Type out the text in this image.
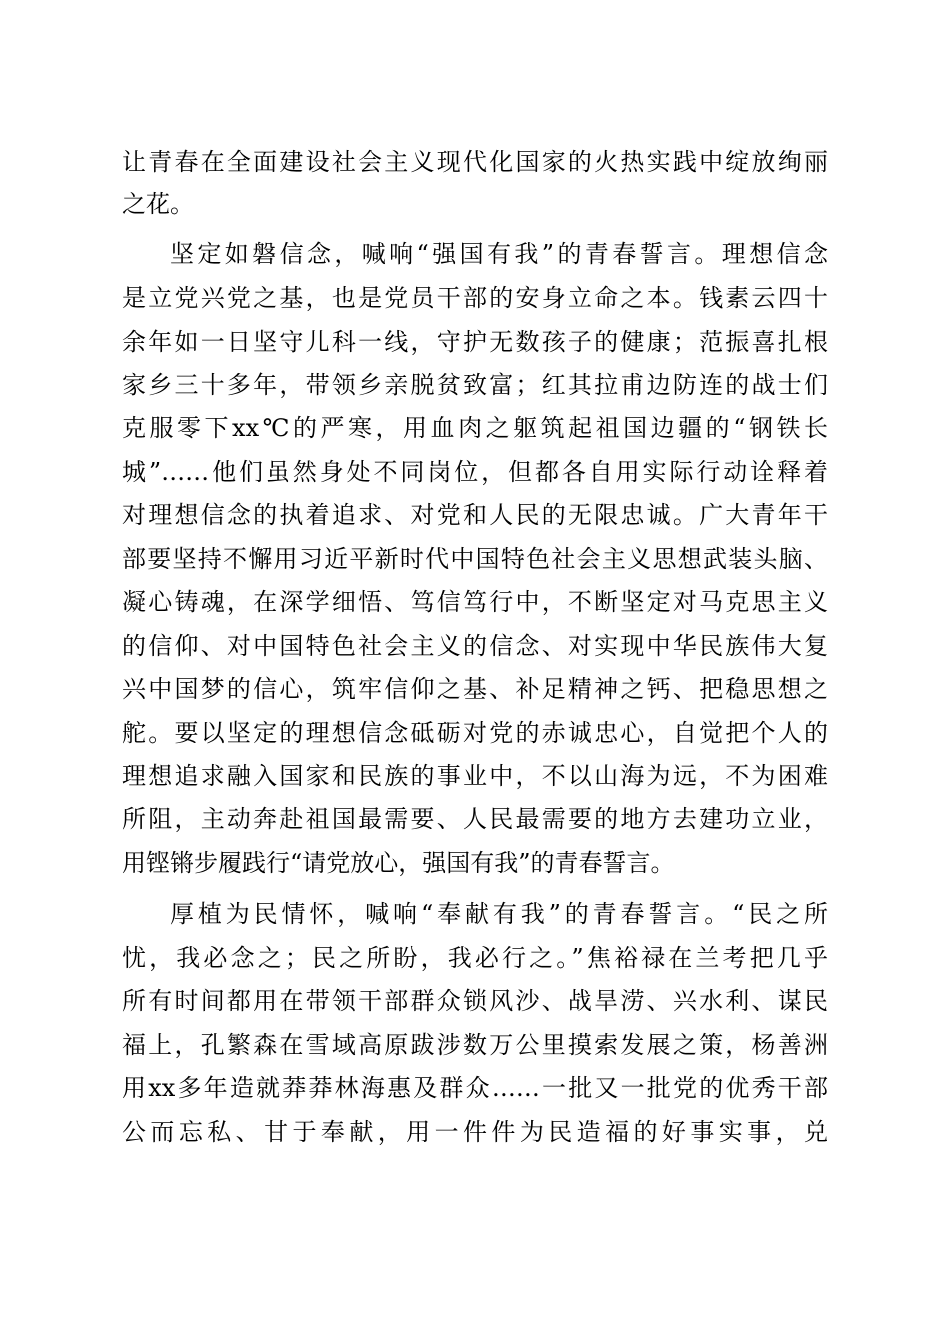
让青春在全面建设社会主义现代化国家的火热实践中绽放绚丽
之花。
坚定如磐信念，喊响“强国有我”的青春誓言。理想信念
是立党兴党之基，也是党员干部的安身立命之本。钱素云四十
余年如一日坚守儿科一线，守护无数孩子的健康；范振喜扎根
家乡三十多年，带领乡亲脱贫致富；红其拉甫边防连的战士们
克服零下xx℃的严寒，用血肉之躯筑起祖国边疆的“钢铁长
城”……他们虽然身处不同岗位，但都各自用实际行动诠释着
对理想信念的执着追求、对党和人民的无限忠诚。广大青年干
部要坚持不懈用习近平新时代中国特色社会主义思想武装头脑、
凝心铸魂，在深学细悟、笃信笃行中，不断坚定对马克思主义
的信仰、对中国特色社会主义的信念、对实现中华民族伟大复
兴中国梦的信心，筑牢信仰之基、补足精神之钙、把稳思想之
舵。要以坚定的理想信念砥砺对党的赤诚忠心，自觉把个人的
理想追求融入国家和民族的事业中，不以山海为远，不为困难
所阻，主动奔赴祖国最需要、人民最需要的地方去建功立业，
用铿锵步履践行“请党放心，强国有我”的青春誓言。
厚植为民情怀，喊响“奉献有我”的青春誓言。“民之所
忧，我必念之；民之所盼，我必行之。”焦裕禄在兰考把几乎
所有时间都用在带领干部群众锁风沙、战旱涝、兴水利、谋民
福上，孔繁森在雪域高原跋涉数万公里摸索发展之策，杨善洲
用xx多年造就莽莽林海惠及群众……一批又一批党的优秀干部
公而忘私、甘于奉献，用一件件为民造福的好事实事，兑
